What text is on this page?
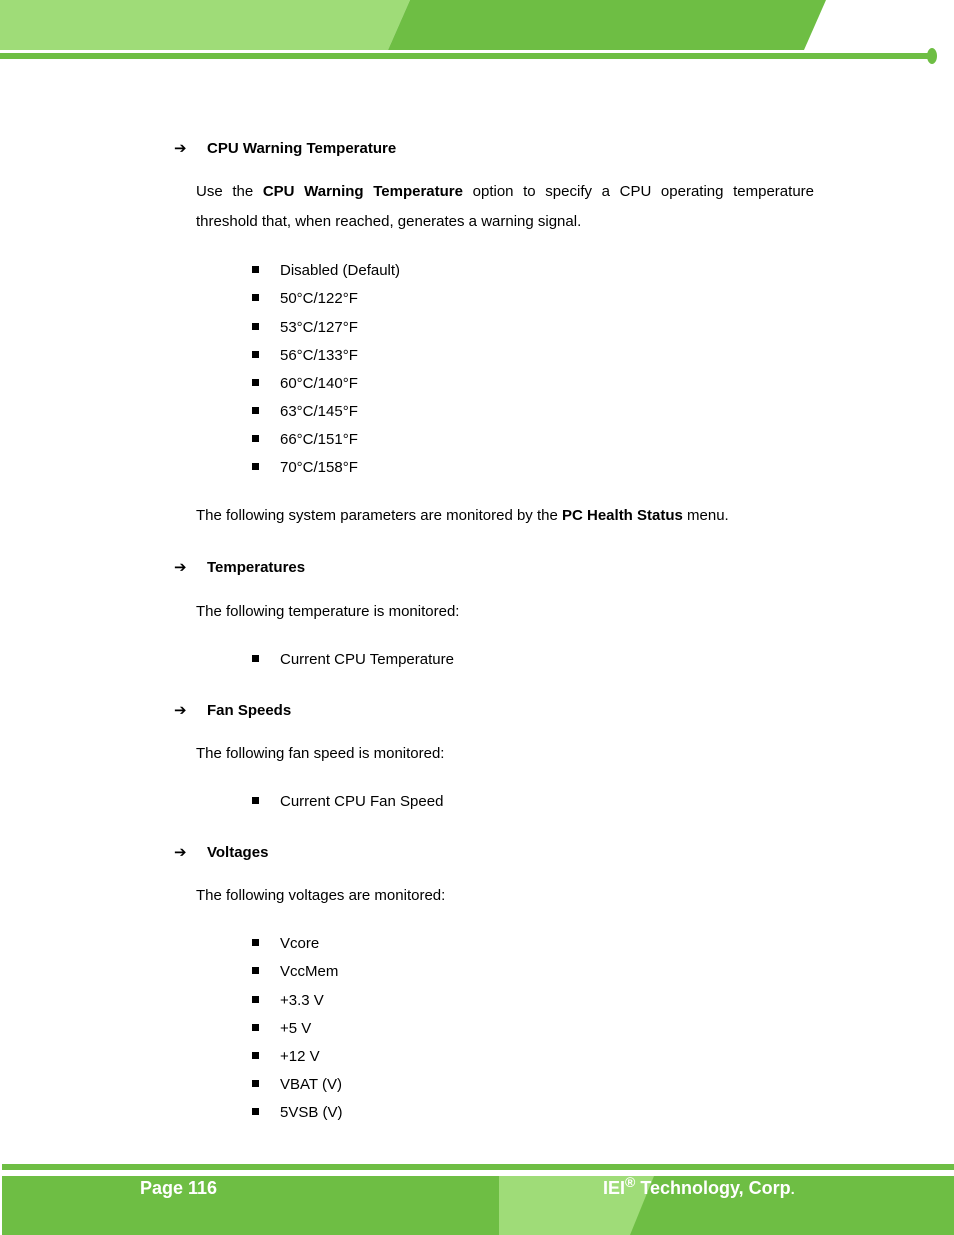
➔ CPU Warning Temperature
Use the CPU Warning Temperature option to specify a CPU operating temperature threshold that, when reached, generates a warning signal.
Disabled (Default)
50°C/122°F
53°C/127°F
56°C/133°F
60°C/140°F
63°C/145°F
66°C/151°F
70°C/158°F
The following system parameters are monitored by the PC Health Status menu.
➔ Temperatures
The following temperature is monitored:
Current CPU Temperature
➔ Fan Speeds
The following fan speed is monitored:
Current CPU Fan Speed
➔ Voltages
The following voltages are monitored:
Vcore
VccMem
+3.3 V
+5 V
+12 V
VBAT (V)
5VSB (V)
Page 116	IEI® Technology, Corp.
